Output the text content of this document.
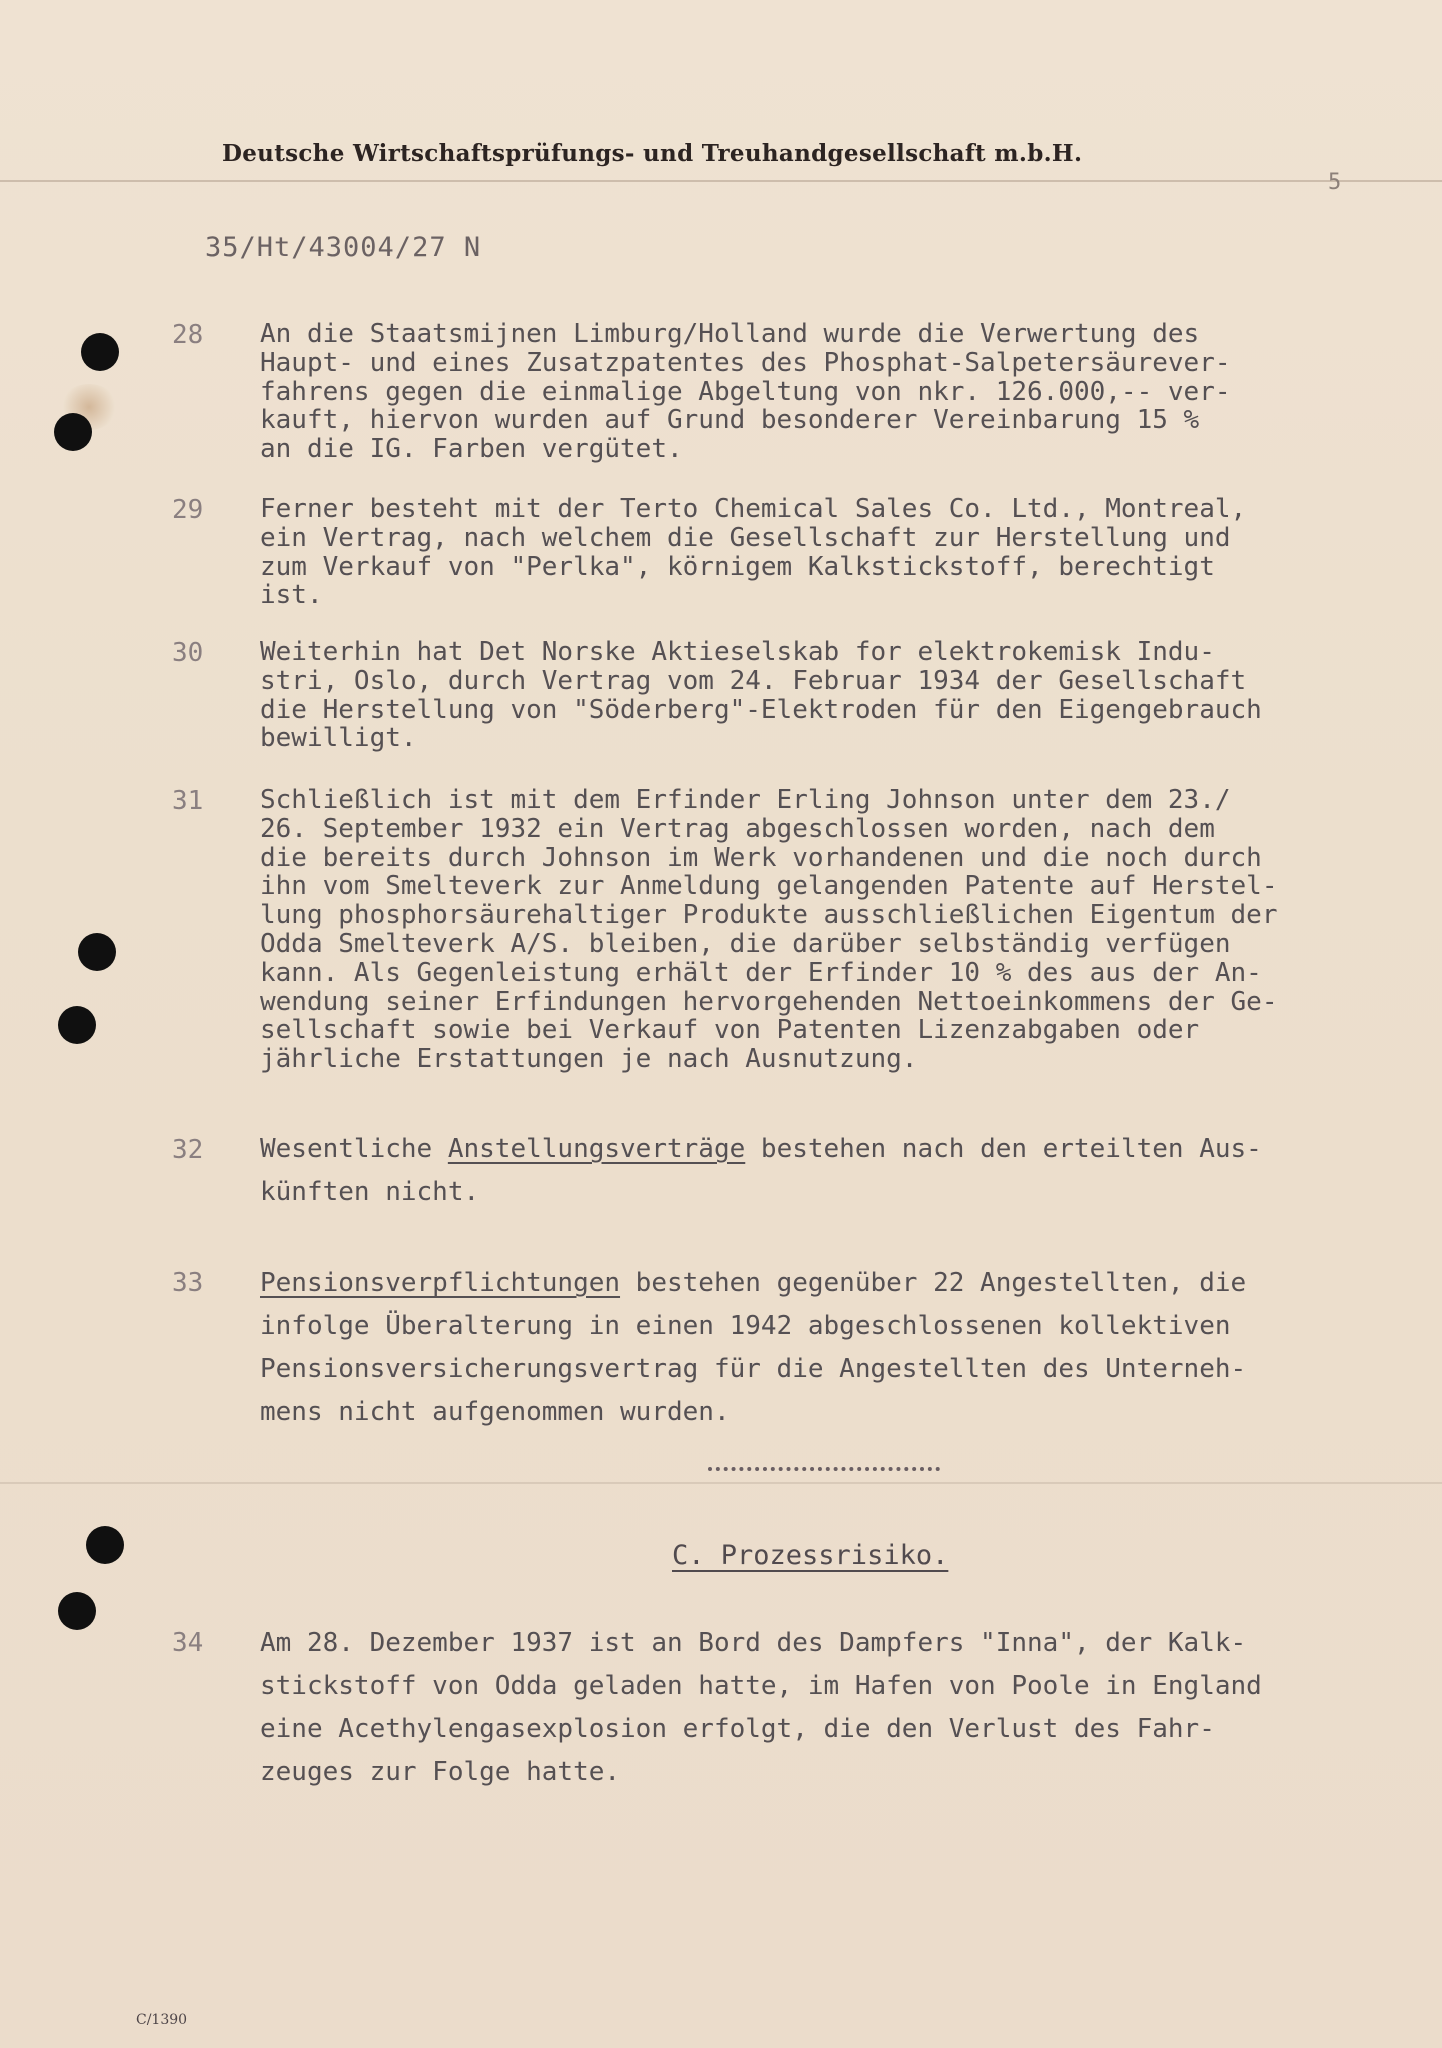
Deutsche Wirtschaftsprüfungs- und Treuhandgesellschaft m.b.H.
5
35/Ht/43004/27 N
28 An die Staatsmijnen Limburg/Holland wurde die Verwertung des
Haupt- und eines Zusatzpatentes des Phosphat-Salpetersäurever-
fahrens gegen die einmalige Abgeltung von nkr. 126.000,-- ver-
kauft, hiervon wurden auf Grund besonderer Vereinbarung 15 %
an die IG. Farben vergütet.
29 Ferner besteht mit der Terto Chemical Sales Co. Ltd., Montreal,
ein Vertrag, nach welchem die Gesellschaft zur Herstellung und
zum Verkauf von "Perlka", körnigem Kalkstickstoff, berechtigt
ist.
30 Weiterhin hat Det Norske Aktieselskab for elektrokemisk Indu-
stri, Oslo, durch Vertrag vom 24. Februar 1934 der Gesellschaft
die Herstellung von "Söderberg"-Elektroden für den Eigengebrauch
bewilligt.
31 Schließlich ist mit dem Erfinder Erling Johnson unter dem 23./
26. September 1932 ein Vertrag abgeschlossen worden, nach dem
die bereits durch Johnson im Werk vorhandenen und die noch durch
ihn vom Smelteverk zur Anmeldung gelangenden Patente auf Herstel-
lung phosphorsäurehaltiger Produkte ausschließlichen Eigentum der
Odda Smelteverk A/S. bleiben, die darüber selbständig verfügen
kann. Als Gegenleistung erhält der Erfinder 10 % des aus der An-
wendung seiner Erfindungen hervorgehenden Nettoeinkommens der Ge-
sellschaft sowie bei Verkauf von Patenten Lizenzabgaben oder
jährliche Erstattungen je nach Ausnutzung.
32 Wesentliche Anstellungsverträge bestehen nach den erteilten Aus-
künften nicht.
33 Pensionsverpflichtungen bestehen gegenüber 22 Angestellten, die
infolge Überalterung in einen 1942 abgeschlossenen kollektiven
Pensionsversicherungsvertrag für die Angestellten des Unterneh-
mens nicht aufgenommen wurden.
C. Prozessrisiko.
34 Am 28. Dezember 1937 ist an Bord des Dampfers "Inna", der Kalk-
stickstoff von Odda geladen hatte, im Hafen von Poole in England
eine Acethylengasexplosion erfolgt, die den Verlust des Fahr-
zeuges zur Folge hatte.
C/1390
